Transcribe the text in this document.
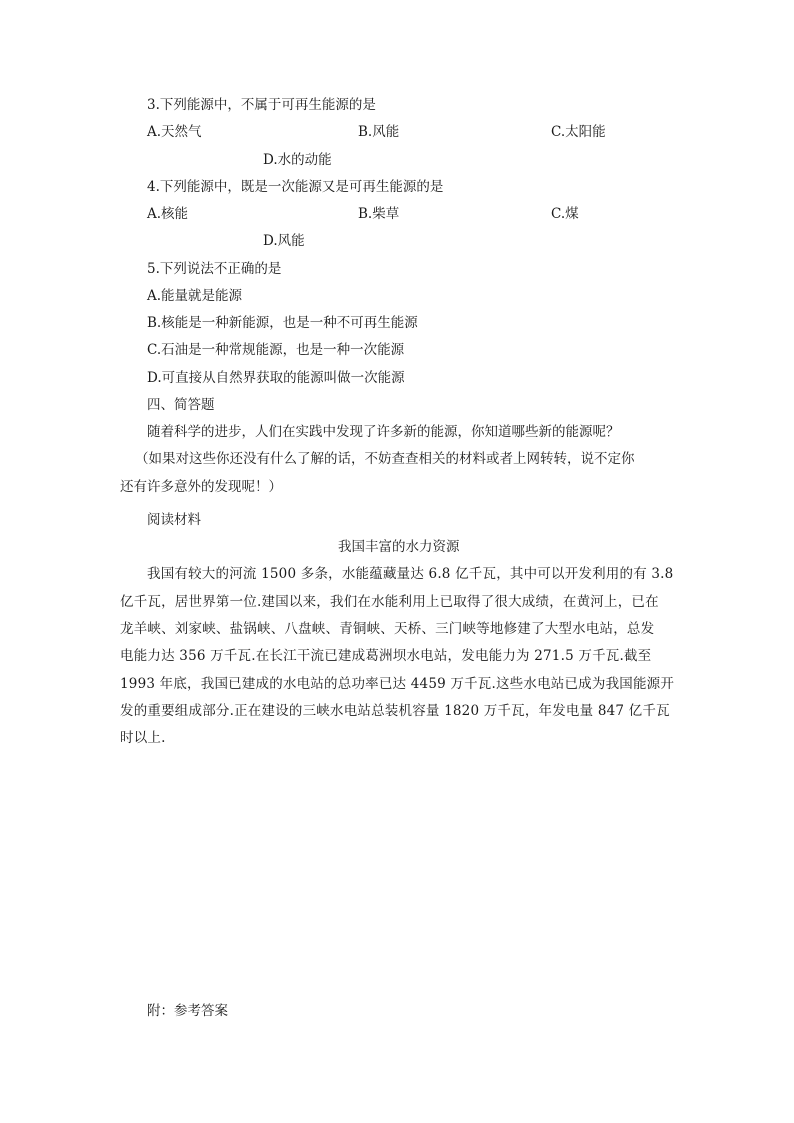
3.下列能源中，不属于可再生能源的是
A.天然气	B.风能	C.太阳能
D.水的动能
4.下列能源中，既是一次能源又是可再生能源的是
A.核能	B.柴草	C.煤
D.风能
5.下列说法不正确的是
A.能量就是能源
B.核能是一种新能源，也是一种不可再生能源
C.石油是一种常规能源，也是一种一次能源
D.可直接从自然界获取的能源叫做一次能源
四、简答题
随着科学的进步，人们在实践中发现了许多新的能源，你知道哪些新的能源呢？
（如果对这些你还没有什么了解的话，不妨查查相关的材料或者上网转转，说不定你
还有许多意外的发现呢！）
阅读材料
我国丰富的水力资源
我国有较大的河流 1500 多条，水能蕴藏量达 6.8 亿千瓦，其中可以开发利用的有 3.8
亿千瓦，居世界第一位.建国以来，我们在水能利用上已取得了很大成绩，在黄河上，已在
龙羊峡、刘家峡、盐锅峡、八盘峡、青铜峡、天桥、三门峡等地修建了大型水电站，总发
电能力达 356 万千瓦.在长江干流已建成葛洲坝水电站，发电能力为 271.5 万千瓦.截至
1993 年底，我国已建成的水电站的总功率已达 4459 万千瓦.这些水电站已成为我国能源开
发的重要组成部分.正在建设的三峡水电站总装机容量 1820 万千瓦，年发电量 847 亿千瓦
时以上.
附：参考答案
